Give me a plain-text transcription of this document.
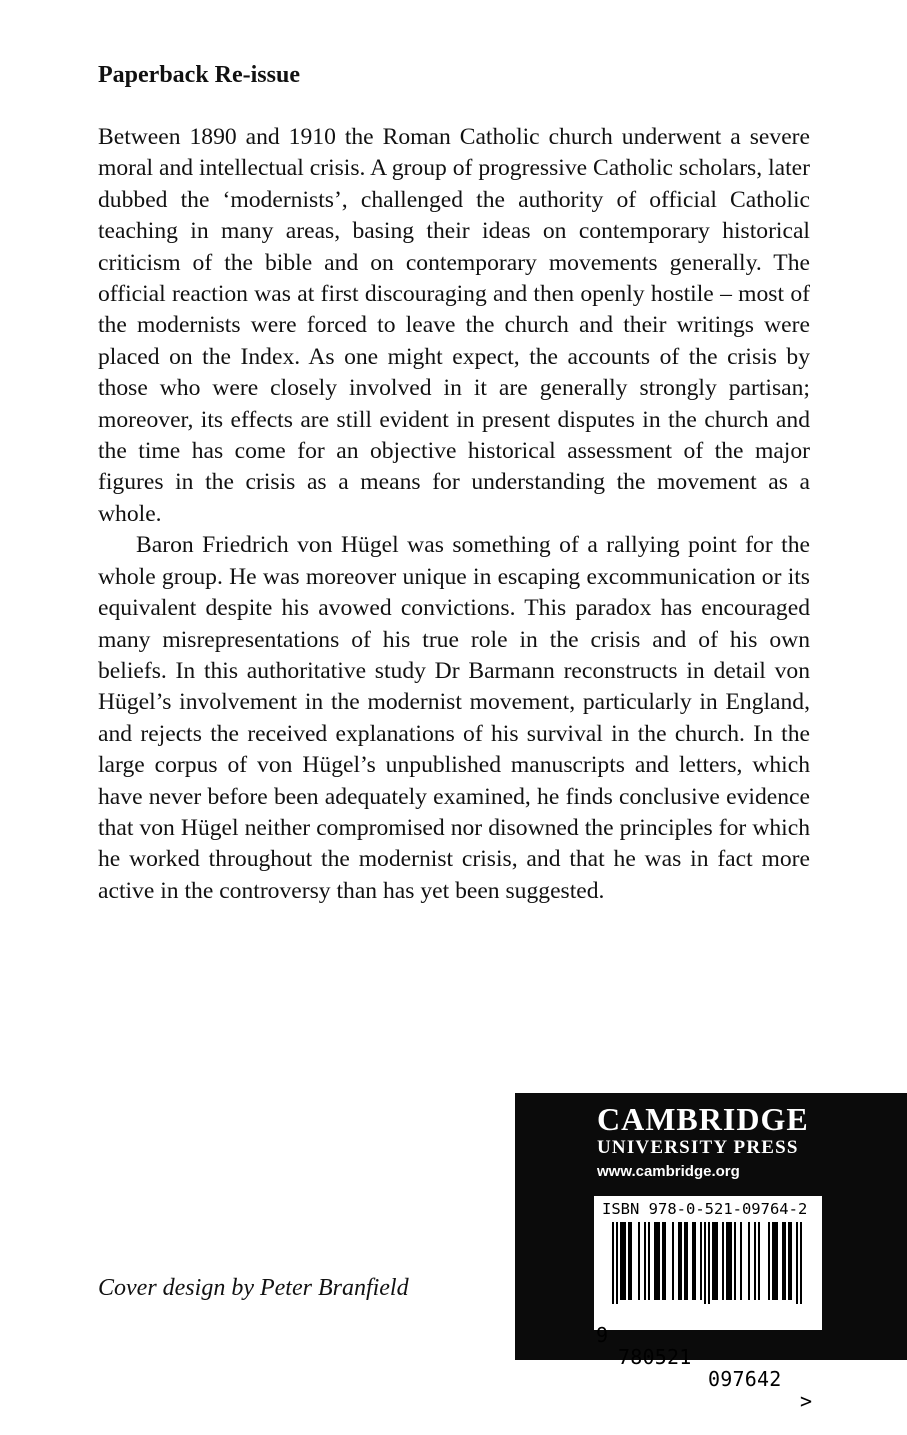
Paperback Re-issue

Between 1890 and 1910 the Roman Catholic church underwent a severe moral and intellectual crisis. A group of progressive Catholic scholars, later dubbed the ‘modernists’, challenged the authority of official Catholic teaching in many areas, basing their ideas on contemporary historical criticism of the bible and on contemporary movements generally. The official reaction was at first discouraging and then openly hostile – most of the modernists were forced to leave the church and their writings were placed on the Index. As one might expect, the accounts of the crisis by those who were closely involved in it are generally strongly partisan; moreover, its effects are still evident in present disputes in the church and the time has come for an objective historical assessment of the major figures in the crisis as a means for understanding the movement as a whole.

Baron Friedrich von Hügel was something of a rallying point for the whole group. He was moreover unique in escaping excommunication or its equivalent despite his avowed convictions. This paradox has encouraged many misrepresentations of his true role in the crisis and of his own beliefs. In this authoritative study Dr Barmann reconstructs in detail von Hügel’s involvement in the modernist movement, particularly in England, and rejects the received explanations of his survival in the church. In the large corpus of von Hügel’s unpublished manuscripts and letters, which have never before been adequately examined, he finds conclusive evidence that von Hügel neither compromised nor disowned the principles for which he worked throughout the modernist crisis, and that he was in fact more active in the controversy than has yet been suggested.

Cover design by Peter Branfield

CAMBRIDGE

UNIVERSITY PRESS

www.cambridge.org

ISBN 978-0-521-09764-2

9

780521

097642

>
